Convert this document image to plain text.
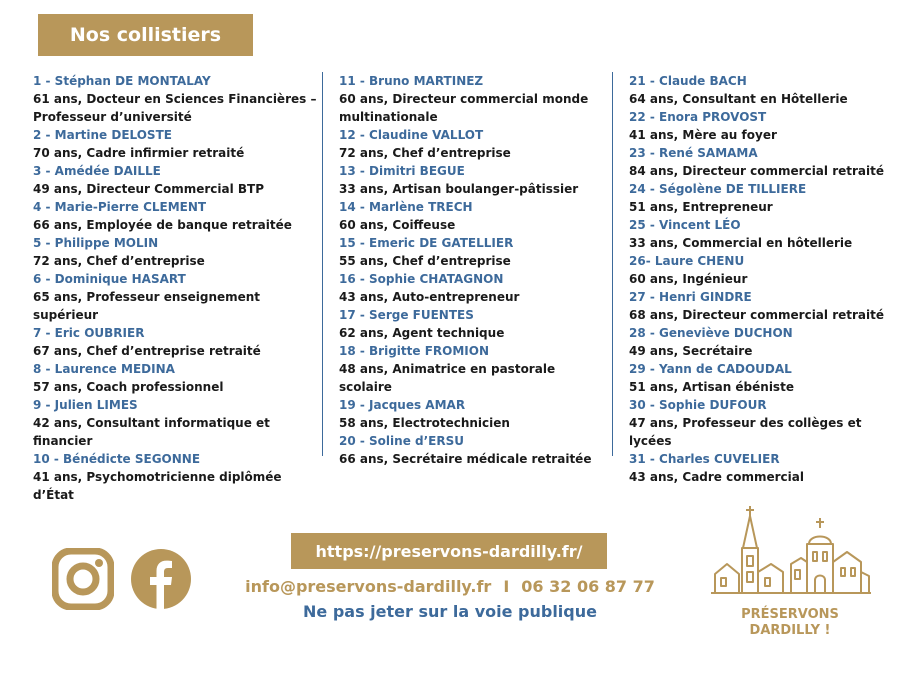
Nos collistiers
1 - Stéphan DE MONTALAY
61 ans, Docteur en Sciences Financières – Professeur d’université
2 - Martine DELOSTE
70 ans, Cadre infirmier retraité
3 - Amédée DAILLE
49 ans, Directeur Commercial BTP
4 - Marie-Pierre CLEMENT
66 ans, Employée de banque retraitée
5 - Philippe MOLIN
72 ans, Chef d’entreprise
6 - Dominique HASART
65 ans, Professeur enseignement supérieur
7 - Eric OUBRIER
67 ans, Chef d’entreprise retraité
8 - Laurence MEDINA
57 ans, Coach professionnel
9 - Julien LIMES
42 ans, Consultant informatique et financier
10 - Bénédicte SEGONNE
41 ans, Psychomotricienne diplômée d’État
11 - Bruno MARTINEZ
60 ans, Directeur commercial monde multinationale
12 - Claudine VALLOT
72 ans, Chef d’entreprise
13 - Dimitri BEGUE
33 ans, Artisan boulanger-pâtissier
14 - Marlène TRECH
60 ans, Coiffeuse
15 - Emeric DE GATELLIER
55 ans, Chef d’entreprise
16 - Sophie CHATAGNON
43 ans, Auto-entrepreneur
17 - Serge FUENTES
62 ans, Agent technique
18 - Brigitte FROMION
48 ans, Animatrice en pastorale scolaire
19 - Jacques AMAR
58 ans, Electrotechnicien
20 - Soline d’ERSU
66 ans, Secrétaire médicale retraitée
21 - Claude BACH
64 ans, Consultant en Hôtellerie
22 - Enora PROVOST
41 ans, Mère au foyer
23 - René SAMAMA
84 ans, Directeur commercial retraité
24 - Ségolène DE TILLIERE
51 ans, Entrepreneur
25 - Vincent LÉO
33 ans, Commercial en hôtellerie
26- Laure CHENU
60 ans, Ingénieur
27 - Henri GINDRE
68 ans, Directeur commercial retraité
28 - Geneviève DUCHON
49 ans, Secrétaire
29 - Yann de CADOUDAL
51 ans, Artisan ébéniste
30 - Sophie DUFOUR
47 ans, Professeur des collèges et lycées
31 - Charles CUVELIER
43 ans, Cadre commercial
https://preservons-dardilly.fr/
info@preservons-dardilly.fr I 06 32 06 87 77
Ne pas jeter sur la voie publique	PRÉSERVONS
DARDILLY !
